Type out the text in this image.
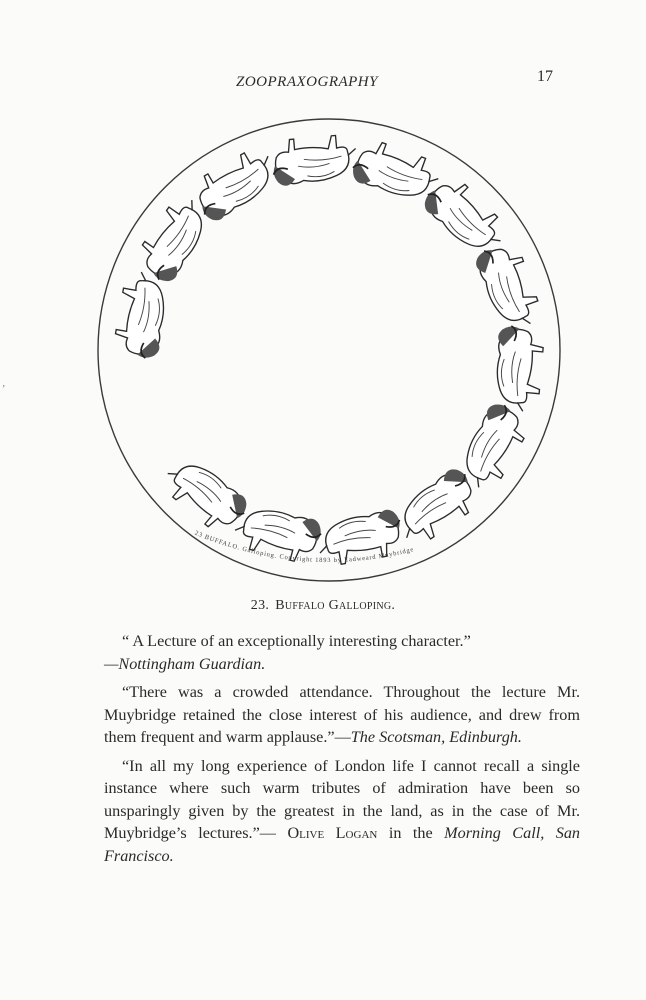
ZOOPRAXOGRAPHY	17
‚
23 BUFFALO. Galloping. Copyright 1893 by Eadweard Muybridge
23. Buffalo Galloping.

“ A Lecture of an exceptionally interesting character.”
—Nottingham Guardian.

“There was a crowded attendance. Throughout the lecture Mr. Muybridge retained the close interest of his audience, and drew from them frequent and warm applause.”—The Scotsman, Edinburgh.

“In all my long experience of London life I cannot recall a single instance where such warm tributes of admiration have been so unsparingly given by the greatest in the land, as in the case of Mr. Muybridge’s lectures.”— Olive Logan in the Morning Call, San Francisco.
